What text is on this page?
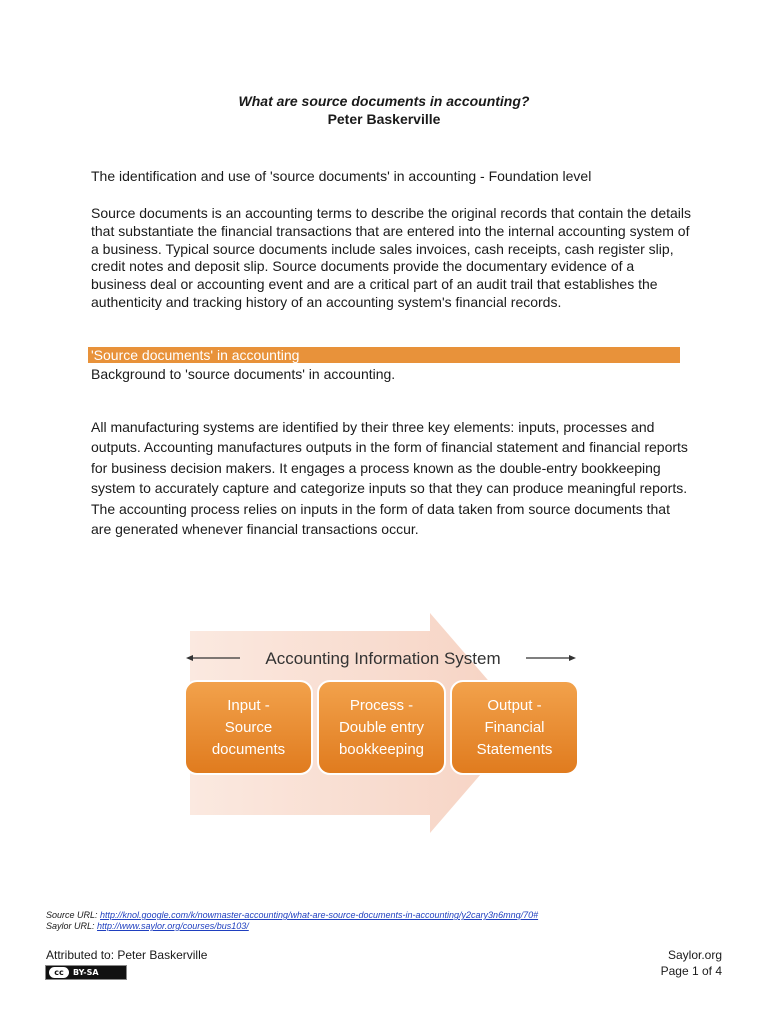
What are source documents in accounting?
Peter Baskerville

The identification and use of 'source documents' in accounting - Foundation level

Source documents is an accounting terms to describe the original records that contain the details that substantiate the financial transactions that are entered into the internal accounting system of a business. Typical source documents include sales invoices, cash receipts, cash register slip, credit notes and deposit slip. Source documents provide the documentary evidence of a business deal or accounting event and are a critical part of an audit trail that establishes the authenticity and tracking history of an accounting system's financial records.

'Source documents' in accounting

Background to 'source documents' in accounting.

All manufacturing systems are identified by their three key elements: inputs, processes and outputs. Accounting manufactures outputs in the form of financial statement and financial reports for business decision makers. It engages a process known as the double-entry bookkeeping system to accurately capture and categorize inputs so that they can produce meaningful reports. The accounting process relies on inputs in the form of data taken from source documents that are generated whenever financial transactions occur.

Accounting Information System
Input -
Source
documents
Process -
Double entry
bookkeeping
Output -
Financial
Statements
Source URL: http://knol.google.com/k/nowmaster-accounting/what-are-source-documents-in-accounting/y2cary3n6mnq/70#
Saylor URL: http://www.saylor.org/courses/bus103/
Attributed to: Peter Baskerville	Saylor.org
Page 1 of 4
cc	BY-SA
